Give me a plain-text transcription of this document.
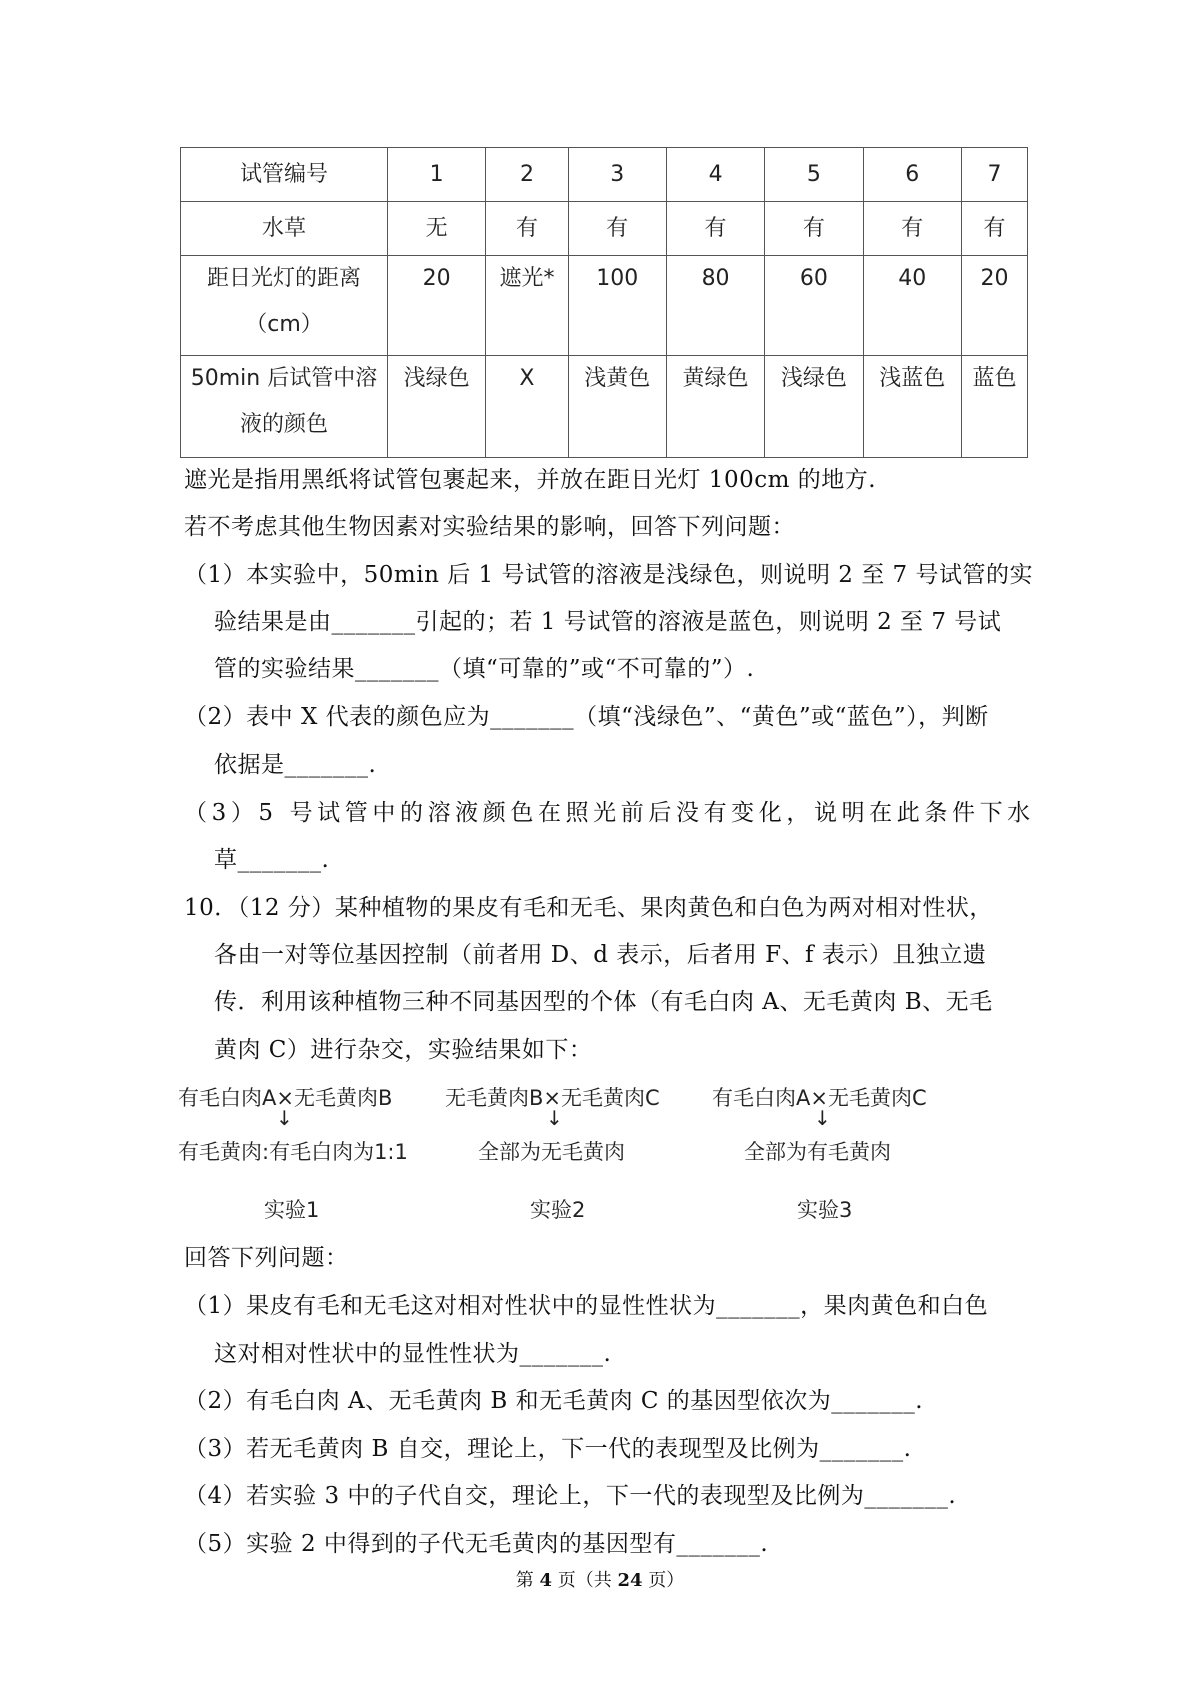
试管编号	1	2	3	4	5	6	7
水草	无	有	有	有	有	有	有

距日光灯的距离
（cm）	20	遮光*	100	80	60	40	20

50min 后试管中溶
液的颜色	浅绿色	X	浅黄色	黄绿色	浅绿色	浅蓝色	蓝色
遮光是指用黑纸将试管包裹起来，并放在距日光灯 100cm 的地方.
若不考虑其他生物因素对实验结果的影响，回答下列问题：
（1）本实验中，50min 后 1 号试管的溶液是浅绿色，则说明 2 至 7 号试管的实
验结果是由_______引起的；若 1 号试管的溶液是蓝色，则说明 2 至 7 号试
管的实验结果_______（填“可靠的”或“不可靠的”）.
（2）表中 X 代表的颜色应为_______（填“浅绿色”、“黄色”或“蓝色”），判断
依据是_______.
（3）5 号试管中的溶液颜色在照光前后没有变化，说明在此条件下水
草_______.
10．（12 分）某种植物的果皮有毛和无毛、果肉黄色和白色为两对相对性状，
各由一对等位基因控制（前者用 D、d 表示，后者用 F、f 表示）且独立遗
传．利用该种植物三种不同基因型的个体（有毛白肉 A、无毛黄肉 B、无毛
黄肉 C）进行杂交，实验结果如下：
有毛白肉A×无毛黄肉B
↓
有毛黄肉:有毛白肉为1:1
实验1
无毛黄肉B×无毛黄肉C
↓
全部为无毛黄肉
实验2
有毛白肉A×无毛黄肉C
↓
全部为有毛黄肉
实验3
回答下列问题：
（1）果皮有毛和无毛这对相对性状中的显性性状为_______，果肉黄色和白色
这对相对性状中的显性性状为_______.
（2）有毛白肉 A、无毛黄肉 B 和无毛黄肉 C 的基因型依次为_______.
（3）若无毛黄肉 B 自交，理论上，下一代的表现型及比例为_______.
（4）若实验 3 中的子代自交，理论上，下一代的表现型及比例为_______.
（5）实验 2 中得到的子代无毛黄肉的基因型有_______.
第 4 页（共 24 页）
